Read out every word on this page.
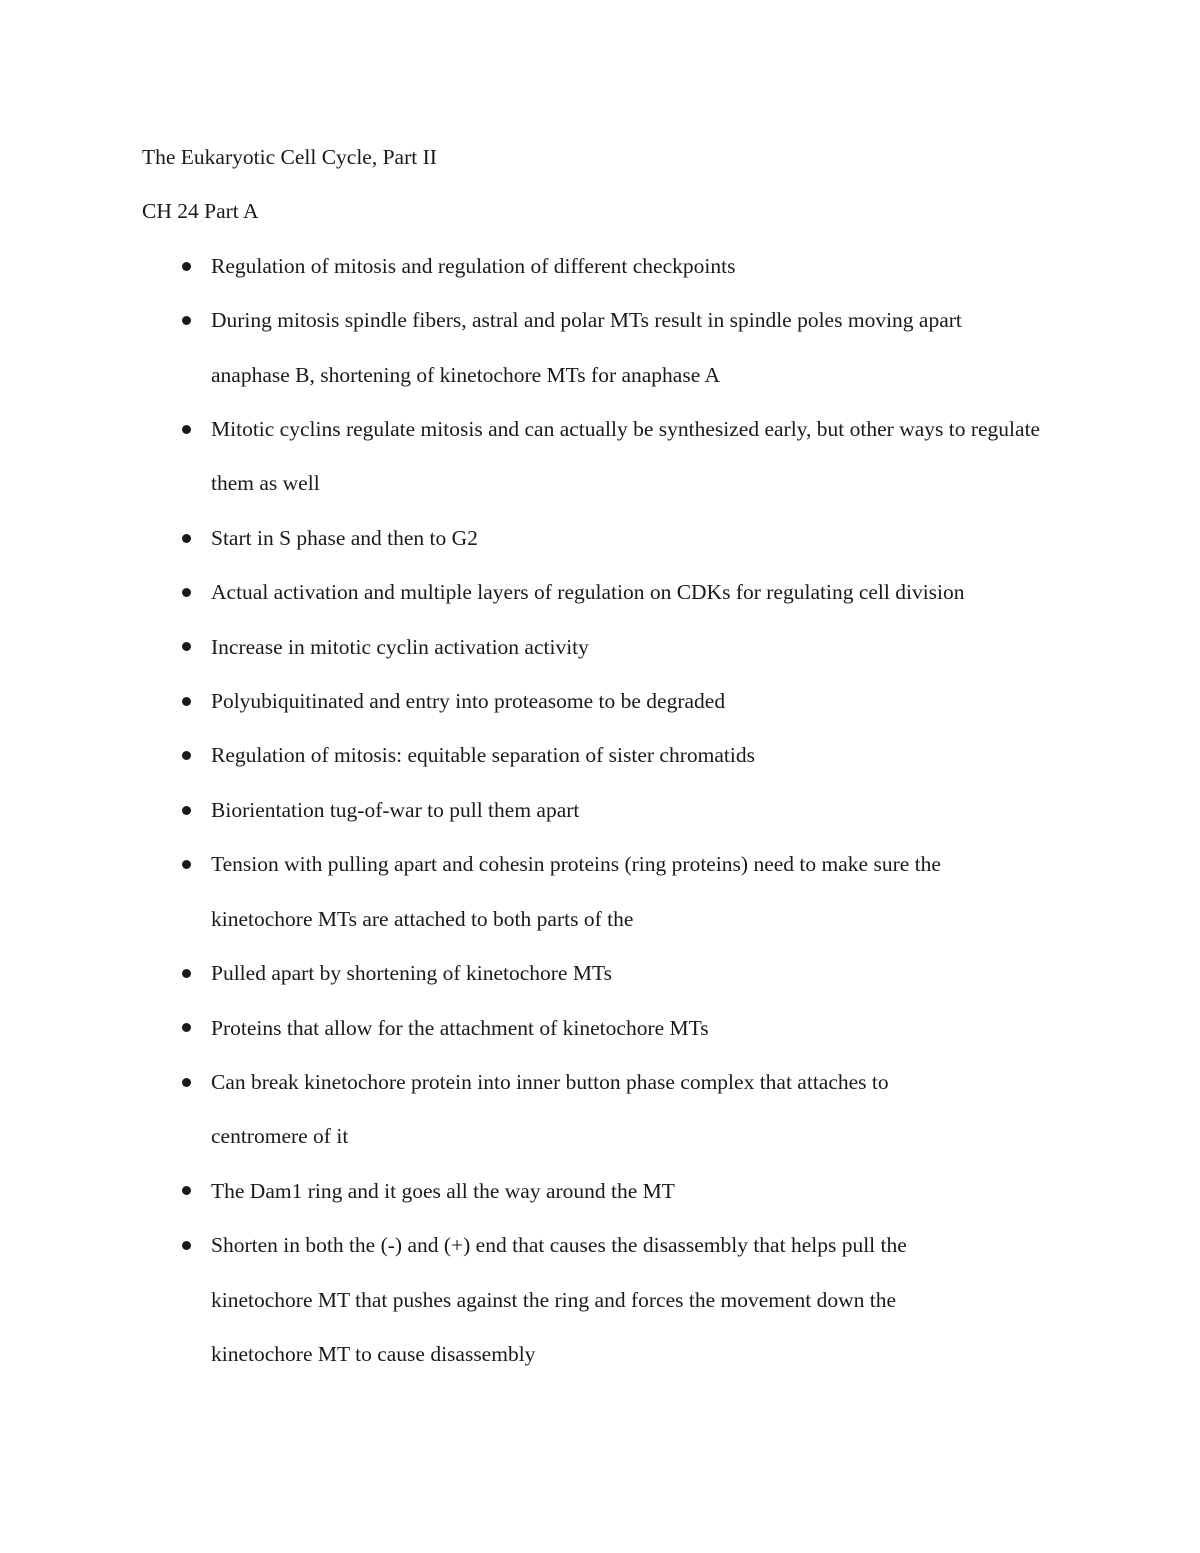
The Eukaryotic Cell Cycle, Part II

CH 24 Part A

Regulation of mitosis and regulation of different checkpoints
During mitosis spindle fibers, astral and polar MTs result in spindle poles moving apart anaphase B, shortening of kinetochore MTs for anaphase A
Mitotic cyclins regulate mitosis and can actually be synthesized early, but other ways to regulate them as well
Start in S phase and then to G2
Actual activation and multiple layers of regulation on CDKs for regulating cell division
Increase in mitotic cyclin activation activity
Polyubiquitinated and entry into proteasome to be degraded
Regulation of mitosis: equitable separation of sister chromatids
Biorientation tug-of-war to pull them apart
Tension with pulling apart and cohesin proteins (ring proteins) need to make sure the kinetochore MTs are attached to both parts of the
Pulled apart by shortening of kinetochore MTs
Proteins that allow for the attachment of kinetochore MTs
Can break kinetochore protein into inner button phase complex that attaches to centromere of it
The Dam1 ring and it goes all the way around the MT
Shorten in both the (-) and (+) end that causes the disassembly that helps pull the kinetochore MT that pushes against the ring and forces the movement down the kinetochore MT to cause disassembly
